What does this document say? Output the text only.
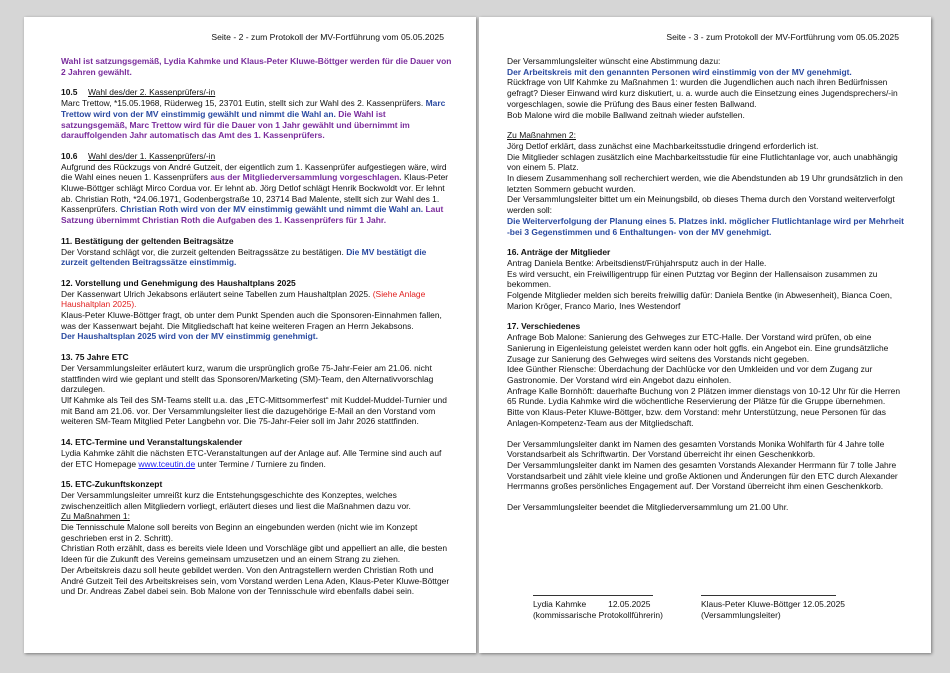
Seite - 2 - zum Protokoll der MV-Fortführung vom 05.05.2025

Wahl ist satzungsgemäß, Lydia Kahmke und Klaus-Peter Kluwe-Böttger werden für die Dauer von 2 Jahren gewählt.

10.5 Wahl des/der 2. Kassenprüfers/-in

Marc Trettow, *15.05.1968, Rüderweg 15, 23701 Eutin, stellt sich zur Wahl des 2. Kassenprüfers. Marc Trettow wird von der MV einstimmig gewählt und nimmt die Wahl an. Die Wahl ist satzungsgemäß, Marc Trettow wird für die Dauer von 1 Jahr gewählt und übernimmt im darauffolgenden Jahr automatisch das Amt des 1. Kassenprüfers.

10.6 Wahl des/der 1. Kassenprüfers/-in

Aufgrund des Rückzugs von André Gutzeit, der eigentlich zum 1. Kassenprüfer aufgestiegen wäre, wird die Wahl eines neuen 1. Kassenprüfers aus der Mitgliederversammlung vorgeschlagen. Klaus-Peter Kluwe-Böttger schlägt Mirco Cordua vor. Er lehnt ab. Jörg Detlof schlägt Henrik Bockwoldt vor. Er lehnt ab. Christian Roth, *24.06.1971, Godenbergstraße 10, 23714 Bad Malente, stellt sich zur Wahl des 1. Kassenprüfers. Christian Roth wird von der MV einstimmig gewählt und nimmt die Wahl an. Laut Satzung übernimmt Christian Roth die Aufgaben des 1. Kassenprüfers für 1 Jahr.

11. Bestätigung der geltenden Beitragsätze

Der Vorstand schlägt vor, die zurzeit geltenden Beitragssätze zu bestätigen. Die MV bestätigt die zurzeit geltenden Beitragssätze einstimmig.

12. Vorstellung und Genehmigung des Haushaltplans 2025

Der Kassenwart Ulrich Jekabsons erläutert seine Tabellen zum Haushaltplan 2025. (Siehe Anlage Haushaltplan 2025).

Klaus-Peter Kluwe-Böttger fragt, ob unter dem Punkt Spenden auch die Sponsoren-Einnahmen fallen, was der Kassenwart bejaht. Die Mitgliedschaft hat keine weiteren Fragen an Herrn Jekabsons.

Der Haushaltsplan 2025 wird von der MV einstimmig genehmigt.

13. 75 Jahre ETC

Der Versammlungsleiter erläutert kurz, warum die ursprünglich große 75-Jahr-Feier am 21.06. nicht stattfinden wird wie geplant und stellt das Sponsoren/Marketing (SM)-Team, den Alternativvorschlag darzulegen.

Ulf Kahmke als Teil des SM-Teams stellt u.a. das „ETC-Mittsommerfest“ mit Kuddel-Muddel-Turnier und mit Band am 21.06. vor. Der Versammlungsleiter liest die dazugehörige E-Mail an den Vorstand vom weiteren SM-Team Mitglied Peter Langbehn vor. Die 75-Jahr-Feier soll im Jahr 2026 stattfinden.

14. ETC-Termine und Veranstaltungskalender

Lydia Kahmke zählt die nächsten ETC-Veranstaltungen auf der Anlage auf. Alle Termine sind auch auf der ETC Homepage www.tceutin.de unter Termine / Turniere zu finden.

15. ETC-Zukunftskonzept

Der Versammlungsleiter umreißt kurz die Entstehungsgeschichte des Konzeptes, welches zwischenzeitlich allen Mitgliedern vorliegt, erläutert dieses und liest die Maßnahmen dazu vor.

Zu Maßnahmen 1:

Die Tennisschule Malone soll bereits von Beginn an eingebunden werden (nicht wie im Konzept geschrieben erst in 2. Schritt).

Christian Roth erzählt, dass es bereits viele Ideen und Vorschläge gibt und appelliert an alle, die besten Ideen für die Zukunft des Vereins gemeinsam umzusetzen und an einem Strang zu ziehen.

Der Arbeitskreis dazu soll heute gebildet werden. Von den Antragstellern werden Christian Roth und André Gutzeit Teil des Arbeitskreises sein, vom Vorstand werden Lena Aden, Klaus-Peter Kluwe-Böttger und Dr. Andreas Zabel dabei sein. Bob Malone von der Tennisschule wird ebenfalls dabei sein.

Seite - 3 - zum Protokoll der MV-Fortführung vom 05.05.2025

Der Versammlungsleiter wünscht eine Abstimmung dazu:

Der Arbeitskreis mit den genannten Personen wird einstimmig von der MV genehmigt.

Rückfrage von Ulf Kahmke zu Maßnahmen 1: wurden die Jugendlichen auch nach ihren Bedürfnissen gefragt? Dieser Einwand wird kurz diskutiert, u. a. wurde auch die Einsetzung eines Jugendsprechers/-in vorgeschlagen, sowie die Prüfung des Baus einer festen Ballwand.

Bob Malone wird die mobile Ballwand zeitnah wieder aufstellen.

Zu Maßnahmen 2:

Jörg Detlof erklärt, dass zunächst eine Machbarkeitsstudie dringend erforderlich ist.

Die Mitglieder schlagen zusätzlich eine Machbarkeitsstudie für eine Flutlichtanlage vor, auch unabhängig von einem 5. Platz.

In diesem Zusammenhang soll recherchiert werden, wie die Abendstunden ab 19 Uhr grundsätzlich in den letzten Sommern gebucht wurden.

Der Versammlungsleiter bittet um ein Meinungsbild, ob dieses Thema durch den Vorstand weiterverfolgt werden soll:

Die Weiterverfolgung der Planung eines 5. Platzes inkl. möglicher Flutlichtanlage wird per Mehrheit -bei 3 Gegenstimmen und 6 Enthaltungen- von der MV genehmigt.

16. Anträge der Mitglieder

Antrag Daniela Bentke: Arbeitsdienst/Frühjahrsputz auch in der Halle.

Es wird versucht, ein Freiwilligentrupp für einen Putztag vor Beginn der Hallensaison zusammen zu bekommen.

Folgende Mitglieder melden sich bereits freiwillig dafür: Daniela Bentke (in Abwesenheit), Bianca Coen, Marion Kröger, Franco Mario, Ines Westendorf

17. Verschiedenes

Anfrage Bob Malone: Sanierung des Gehweges zur ETC-Halle. Der Vorstand wird prüfen, ob eine Sanierung in Eigenleistung geleistet werden kann oder holt ggfls. ein Angebot ein. Eine grundsätzliche Zusage zur Sanierung des Gehweges wird seitens des Vorstands nicht gegeben.

Idee Günther Riensche: Überdachung der Dachlücke vor den Umkleiden und vor dem Zugang zur Gastronomie. Der Vorstand wird ein Angebot dazu einholen.

Anfrage Kalle Bornhöft: dauerhafte Buchung von 2 Plätzen immer dienstags von 10-12 Uhr für die Herren 65 Runde. Lydia Kahmke wird die wöchentliche Reservierung der Plätze für die Gruppe übernehmen.

Bitte von Klaus-Peter Kluwe-Böttger, bzw. dem Vorstand: mehr Unterstützung, neue Personen für das Anlagen-Kompetenz-Team aus der Mitgliedschaft.

Der Versammlungsleiter dankt im Namen des gesamten Vorstands Monika Wohlfarth für 4 Jahre tolle Vorstandsarbeit als Schriftwartin. Der Vorstand überreicht ihr einen Geschenkkorb.

Der Versammlungsleiter dankt im Namen des gesamten Vorstands Alexander Herrmann für 7 tolle Jahre Vorstandsarbeit und zählt viele kleine und große Aktionen und Änderungen für den ETC durch Alexander Herrmanns großes persönliches Engagement auf. Der Vorstand überreicht ihm einen Geschenkkorb.

Der Versammlungsleiter beendet die Mitgliederversammlung um 21.00 Uhr.

Lydia Kahmke	12.05.2025
(kommissarische Protokollführerin)
Klaus-Peter Kluwe-Böttger 12.05.2025
(Versammlungsleiter)
